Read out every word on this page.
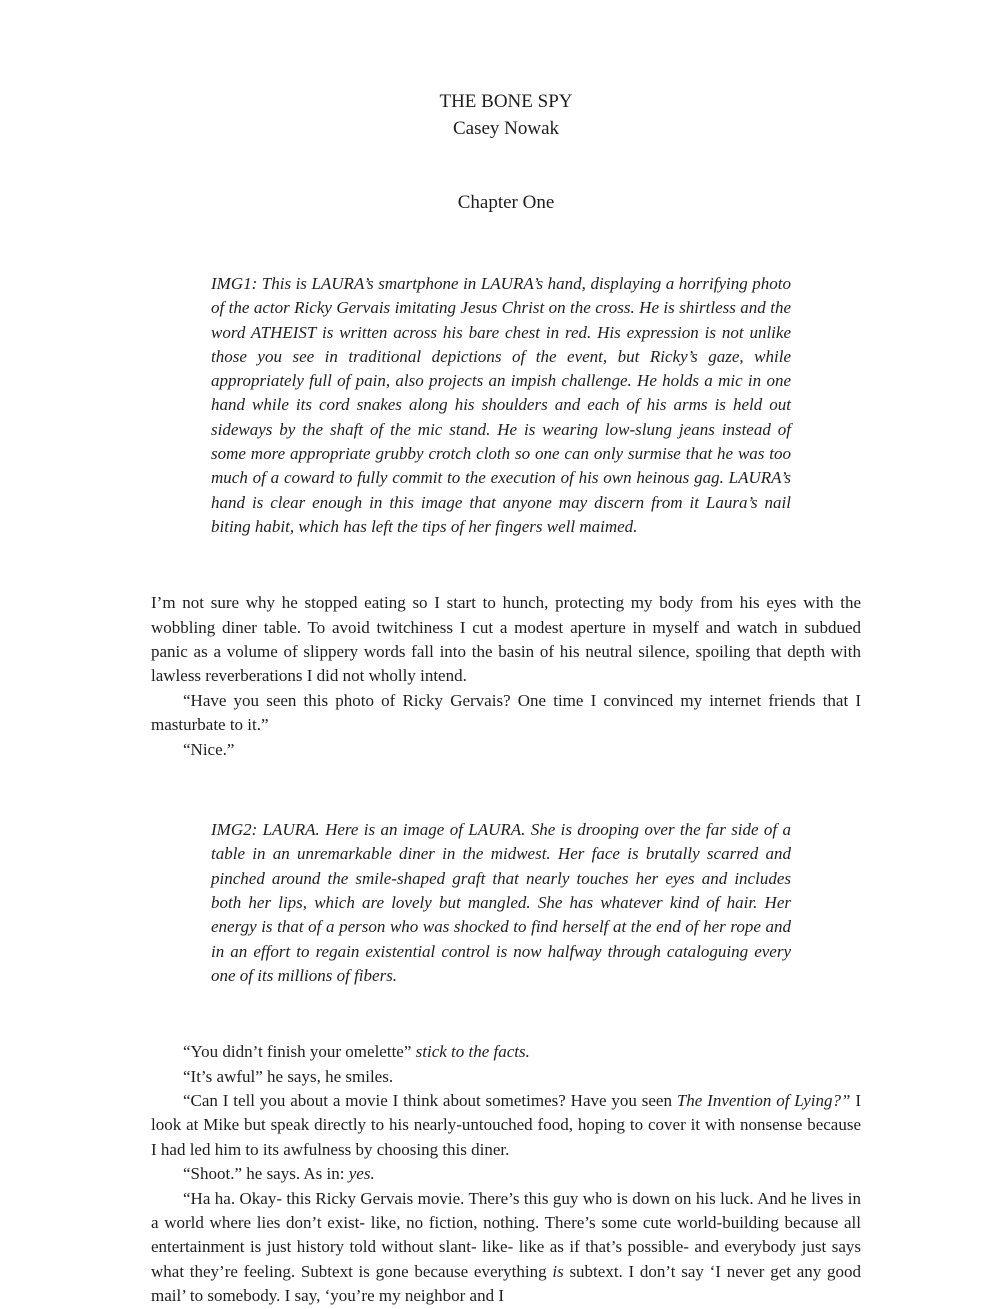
THE BONE SPY

Casey Nowak

Chapter One

IMG1: This is LAURA’s smartphone in LAURA’s hand, displaying a horrifying photo of the actor Ricky Gervais imitating Jesus Christ on the cross. He is shirtless and the word ATHEIST is written across his bare chest in red. His expression is not unlike those you see in traditional depictions of the event, but Ricky’s gaze, while appropriately full of pain, also projects an impish challenge. He holds a mic in one hand while its cord snakes along his shoulders and each of his arms is held out sideways by the shaft of the mic stand. He is wearing low-slung jeans instead of some more appropriate grubby crotch cloth so one can only surmise that he was too much of a coward to fully commit to the execution of his own heinous gag. LAURA’s hand is clear enough in this image that anyone may discern from it Laura’s nail biting habit, which has left the tips of her fingers well maimed.

I’m not sure why he stopped eating so I start to hunch, protecting my body from his eyes with the wobbling diner table. To avoid twitchiness I cut a modest aperture in myself and watch in subdued panic as a volume of slippery words fall into the basin of his neutral silence, spoiling that depth with lawless reverberations I did not wholly intend.

“Have you seen this photo of Ricky Gervais? One time I convinced my internet friends that I masturbate to it.”

“Nice.”

IMG2: LAURA. Here is an image of LAURA. She is drooping over the far side of a table in an unremarkable diner in the midwest. Her face is brutally scarred and pinched around the smile-shaped graft that nearly touches her eyes and includes both her lips, which are lovely but mangled. She has whatever kind of hair. Her energy is that of a person who was shocked to find herself at the end of her rope and in an effort to regain existential control is now halfway through cataloguing every one of its millions of fibers.

“You didn’t finish your omelette” stick to the facts.

“It’s awful” he says, he smiles.

“Can I tell you about a movie I think about sometimes? Have you seen The Invention of Lying?” I look at Mike but speak directly to his nearly-untouched food, hoping to cover it with nonsense because I had led him to its awfulness by choosing this diner.

“Shoot.” he says. As in: yes.

“Ha ha. Okay- this Ricky Gervais movie. There’s this guy who is down on his luck. And he lives in a world where lies don’t exist- like, no fiction, nothing. There’s some cute world-building because all entertainment is just history told without slant- like- like as if that’s possible- and everybody just says what they’re feeling. Subtext is gone because everything is subtext. I don’t say ‘I never get any good mail’ to somebody. I say, ‘you’re my neighbor and I
